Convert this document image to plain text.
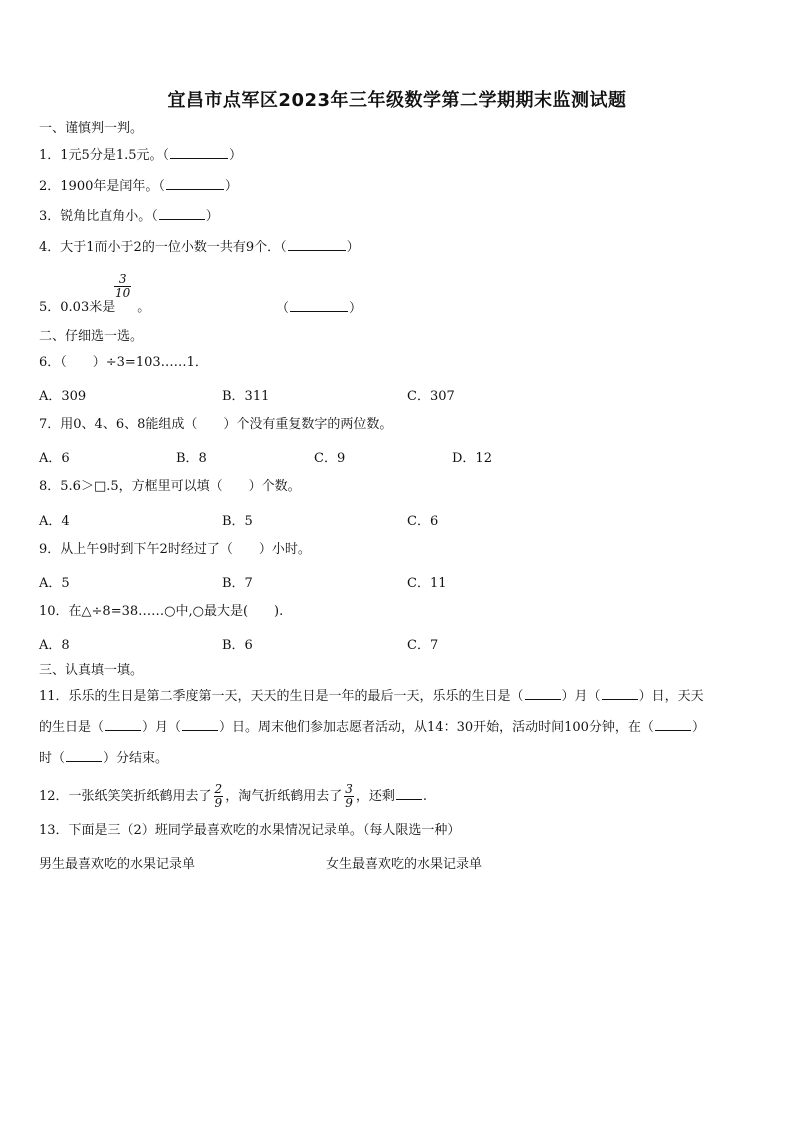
宜昌市点军区2023年三年级数学第二学期期末监测试题
一、谨慎判一判。
1．1元5分是1.5元。（	）
2．1900年是闰年。（	）
3．锐角比直角小。（	）
4．大于1而小于2的一位小数一共有9个．（	）
5．0.03米是 。
$\frac{3}{10}$
（	）
二、仔细选一选。
6．（　　）÷3=103……1．
A．309	B．311	C．307
7．用0、4、6、8能组成（　　）个没有重复数字的两位数。
A．6	B．8	C．9	D．12
8．5.6＞□.5，方框里可以填（　　）个数。
A．4	B．5	C．6
9．从上午9时到下午2时经过了（　　）小时。
A．5	B．7	C．11
10．在△÷8=38……○中,○最大是(　　).
A．8	B．6	C．7
三、认真填一填。
11．乐乐的生日是第二季度第一天，天天的生日是一年的最后一天，乐乐的生日是（	）月（	）日，天天
的生日是（	）月（	）日。周末他们参加志愿者活动，从14：30开始，活动时间100分钟，在（	）
时（	）分结束。
12．一张纸笑笑折纸鹤用去了 $\frac{2}{9}$ ，淘气折纸鹤用去了 $\frac{3}{9}$ ，还剩 .
13．下面是三（2）班同学最喜欢吃的水果情况记录单。（每人限选一种）
男生最喜欢吃的水果记录单	女生最喜欢吃的水果记录单
